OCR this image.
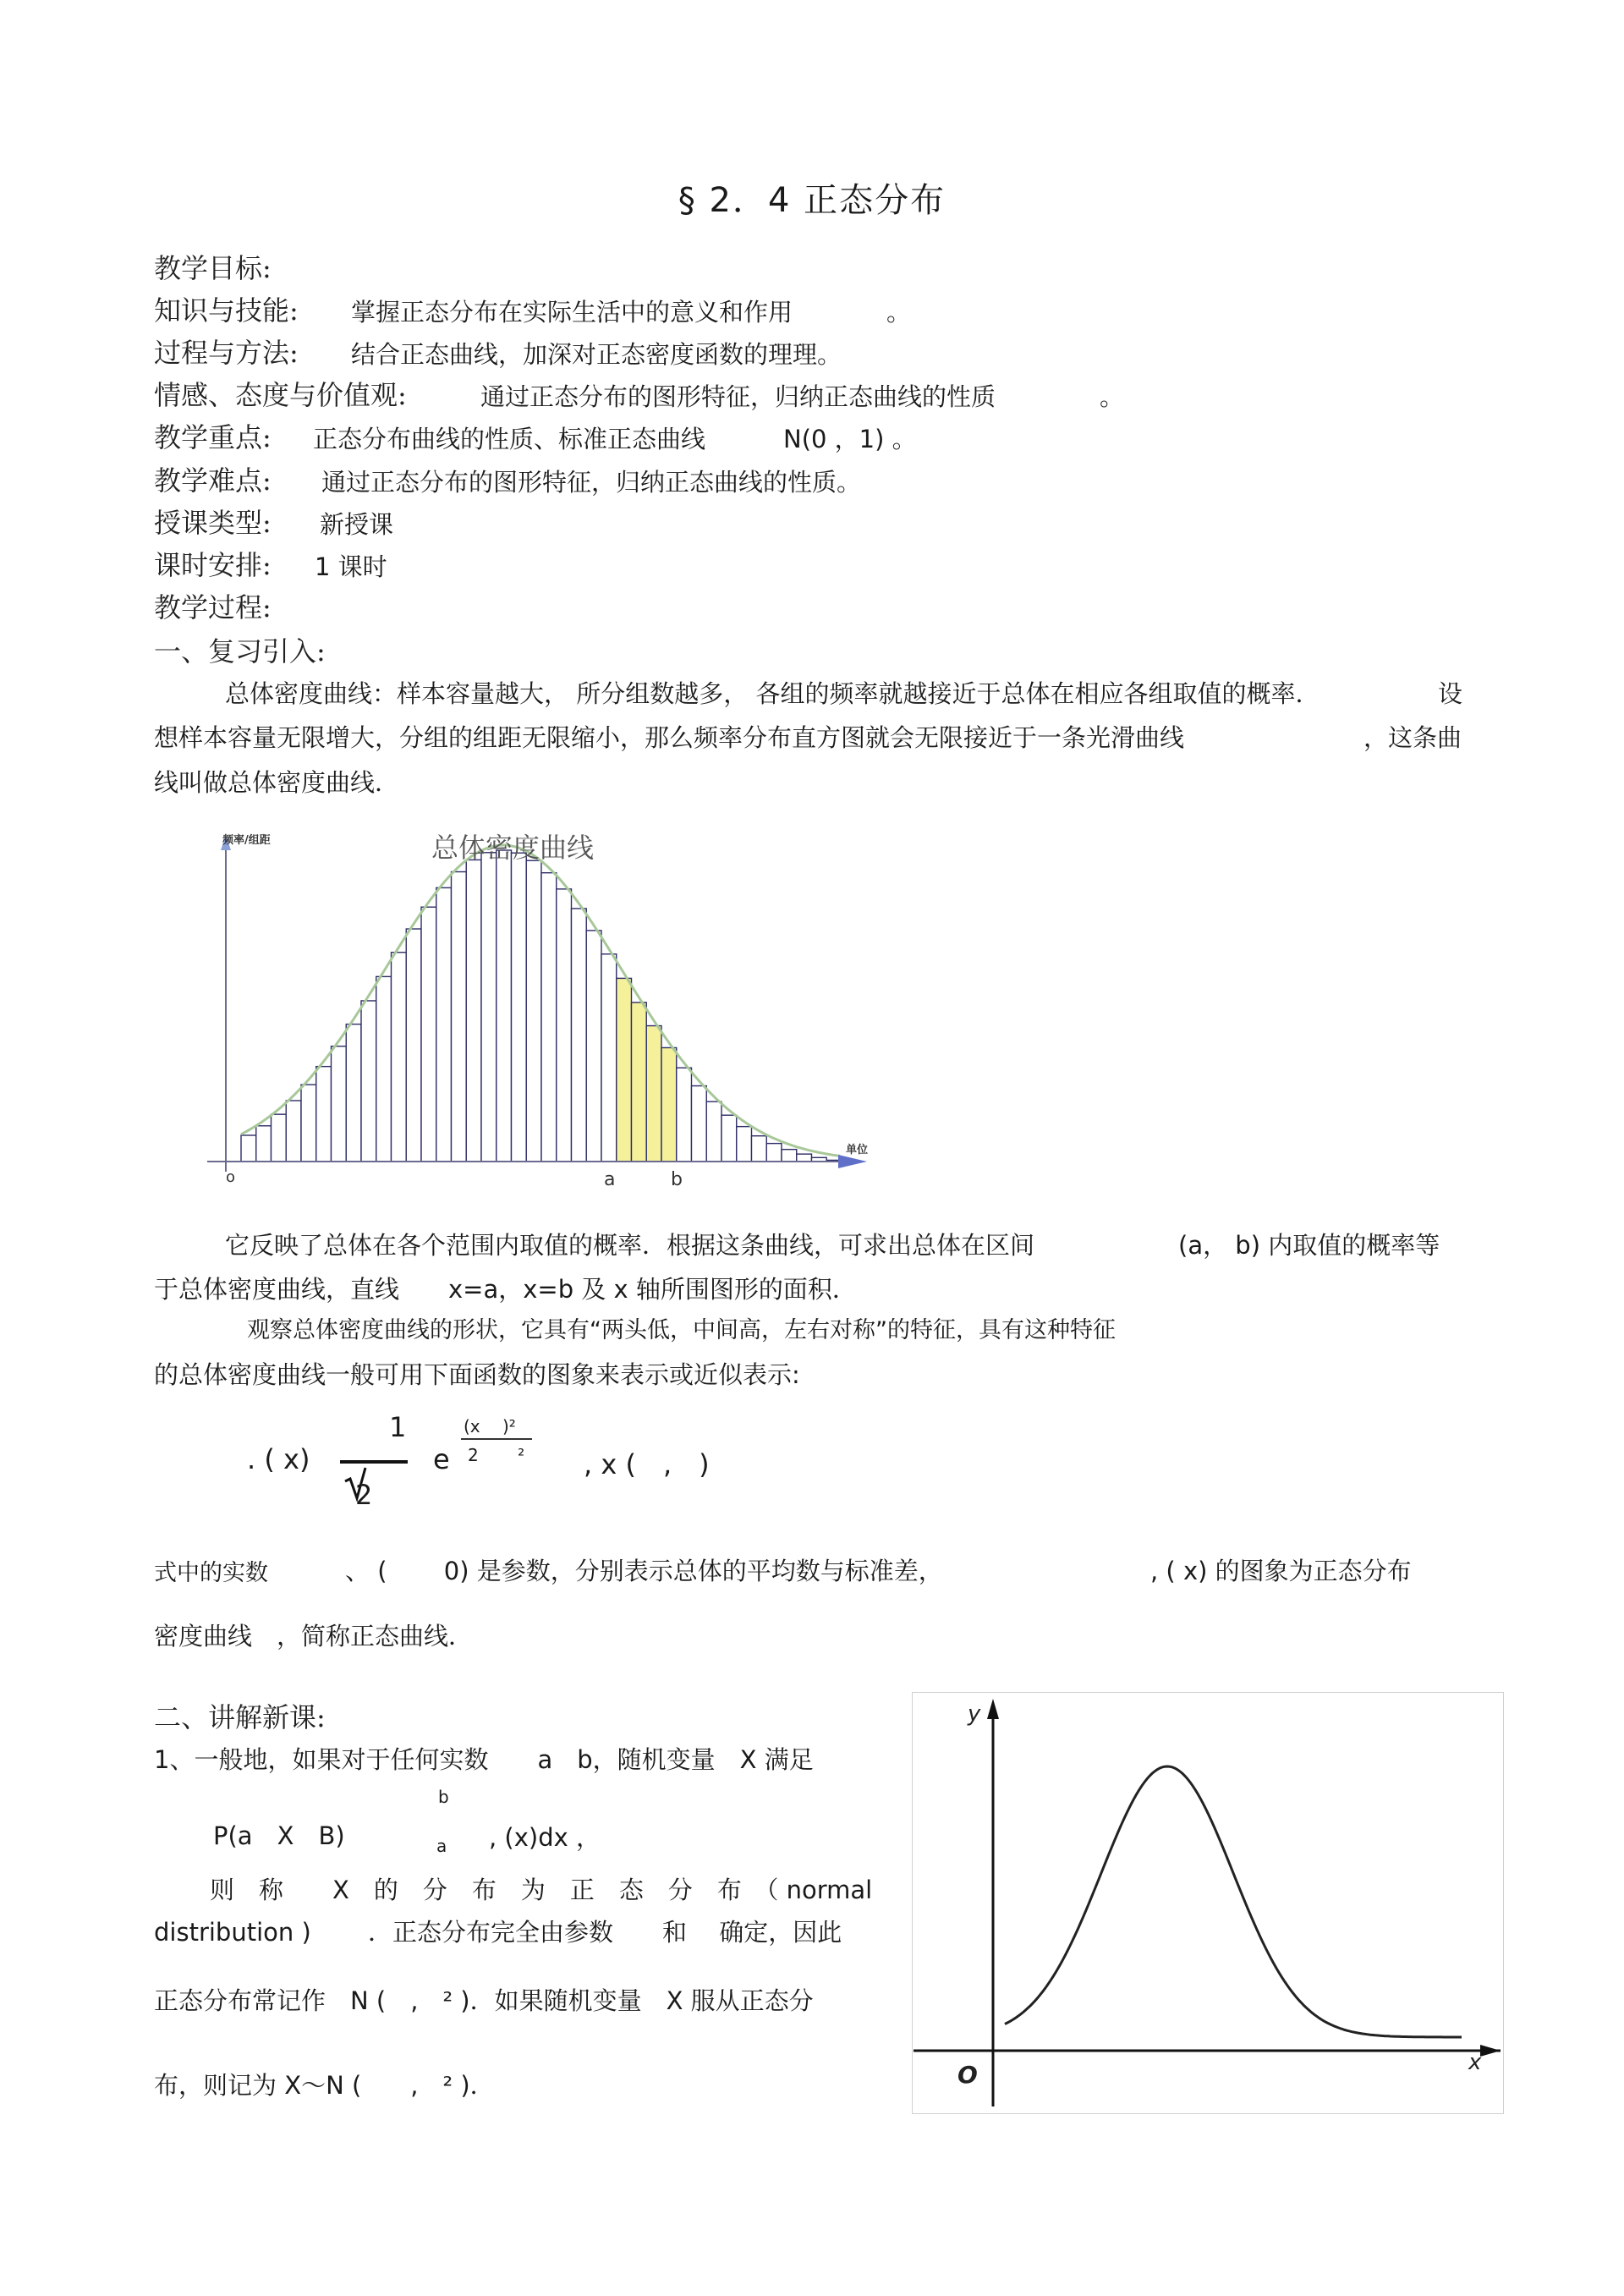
§ 2．4 正态分布
教学目标:
知识与技能: 掌握正态分布在实际生活中的意义和作用	。
过程与方法: 结合正态曲线，加深对正态密度函数的理理。
情感、态度与价值观:	通过正态分布的图形特征，归纳正态曲线的性质	。
教学重点: 正态分布曲线的性质、标准正态曲线	N(0 ，1) 。
教学难点: 通过正态分布的图形特征，归纳正态曲线的性质。
授课类型: 新授课
课时安排: 1 课时
教学过程:
一、复习引入:
总体密度曲线：样本容量越大， 所分组数越多， 各组的频率就越接近于总体在相应各组取值的概率．	设
想样本容量无限增大，分组的组距无限缩小，那么频率分布直方图就会无限接近于一条光滑曲线	，这条曲
线叫做总体密度曲线．
总体密度曲线
频率/组距
单位
o	a	b
它反映了总体在各个范围内取值的概率．根据这条曲线，可求出总体在区间	(a， b) 内取值的概率等
于总体密度曲线，直线　　x=a，x=b 及 x 轴所围图形的面积．
观察总体密度曲线的形状，它具有“两头低，中间高，左右对称”的特征，具有这种特征
的总体密度曲线一般可用下面函数的图象来表示或近似表示:
. ( x)
1
2
e
(x　 )²
2　　 ² , x (　,　)
式中的实数	、 (　　 0) 是参数，分别表示总体的平均数与标准差，	, ( x) 的图象为正态分布
密度曲线　，简称正态曲线．
二、讲解新课:
1、一般地，如果对于任何实数　　a　b，随机变量　X 满足
b
P(a　X　B)	a , (x)dx ，
则　称　　X　的　分　布　为　正　态　分　布　（ normal
distribution )　　 ．正态分布完全由参数　　和　 确定，因此
正态分布常记作　N (　,　² )．如果随机变量　X 服从正态分
布，则记为 X～N (　　,　² )．
y
x
O
